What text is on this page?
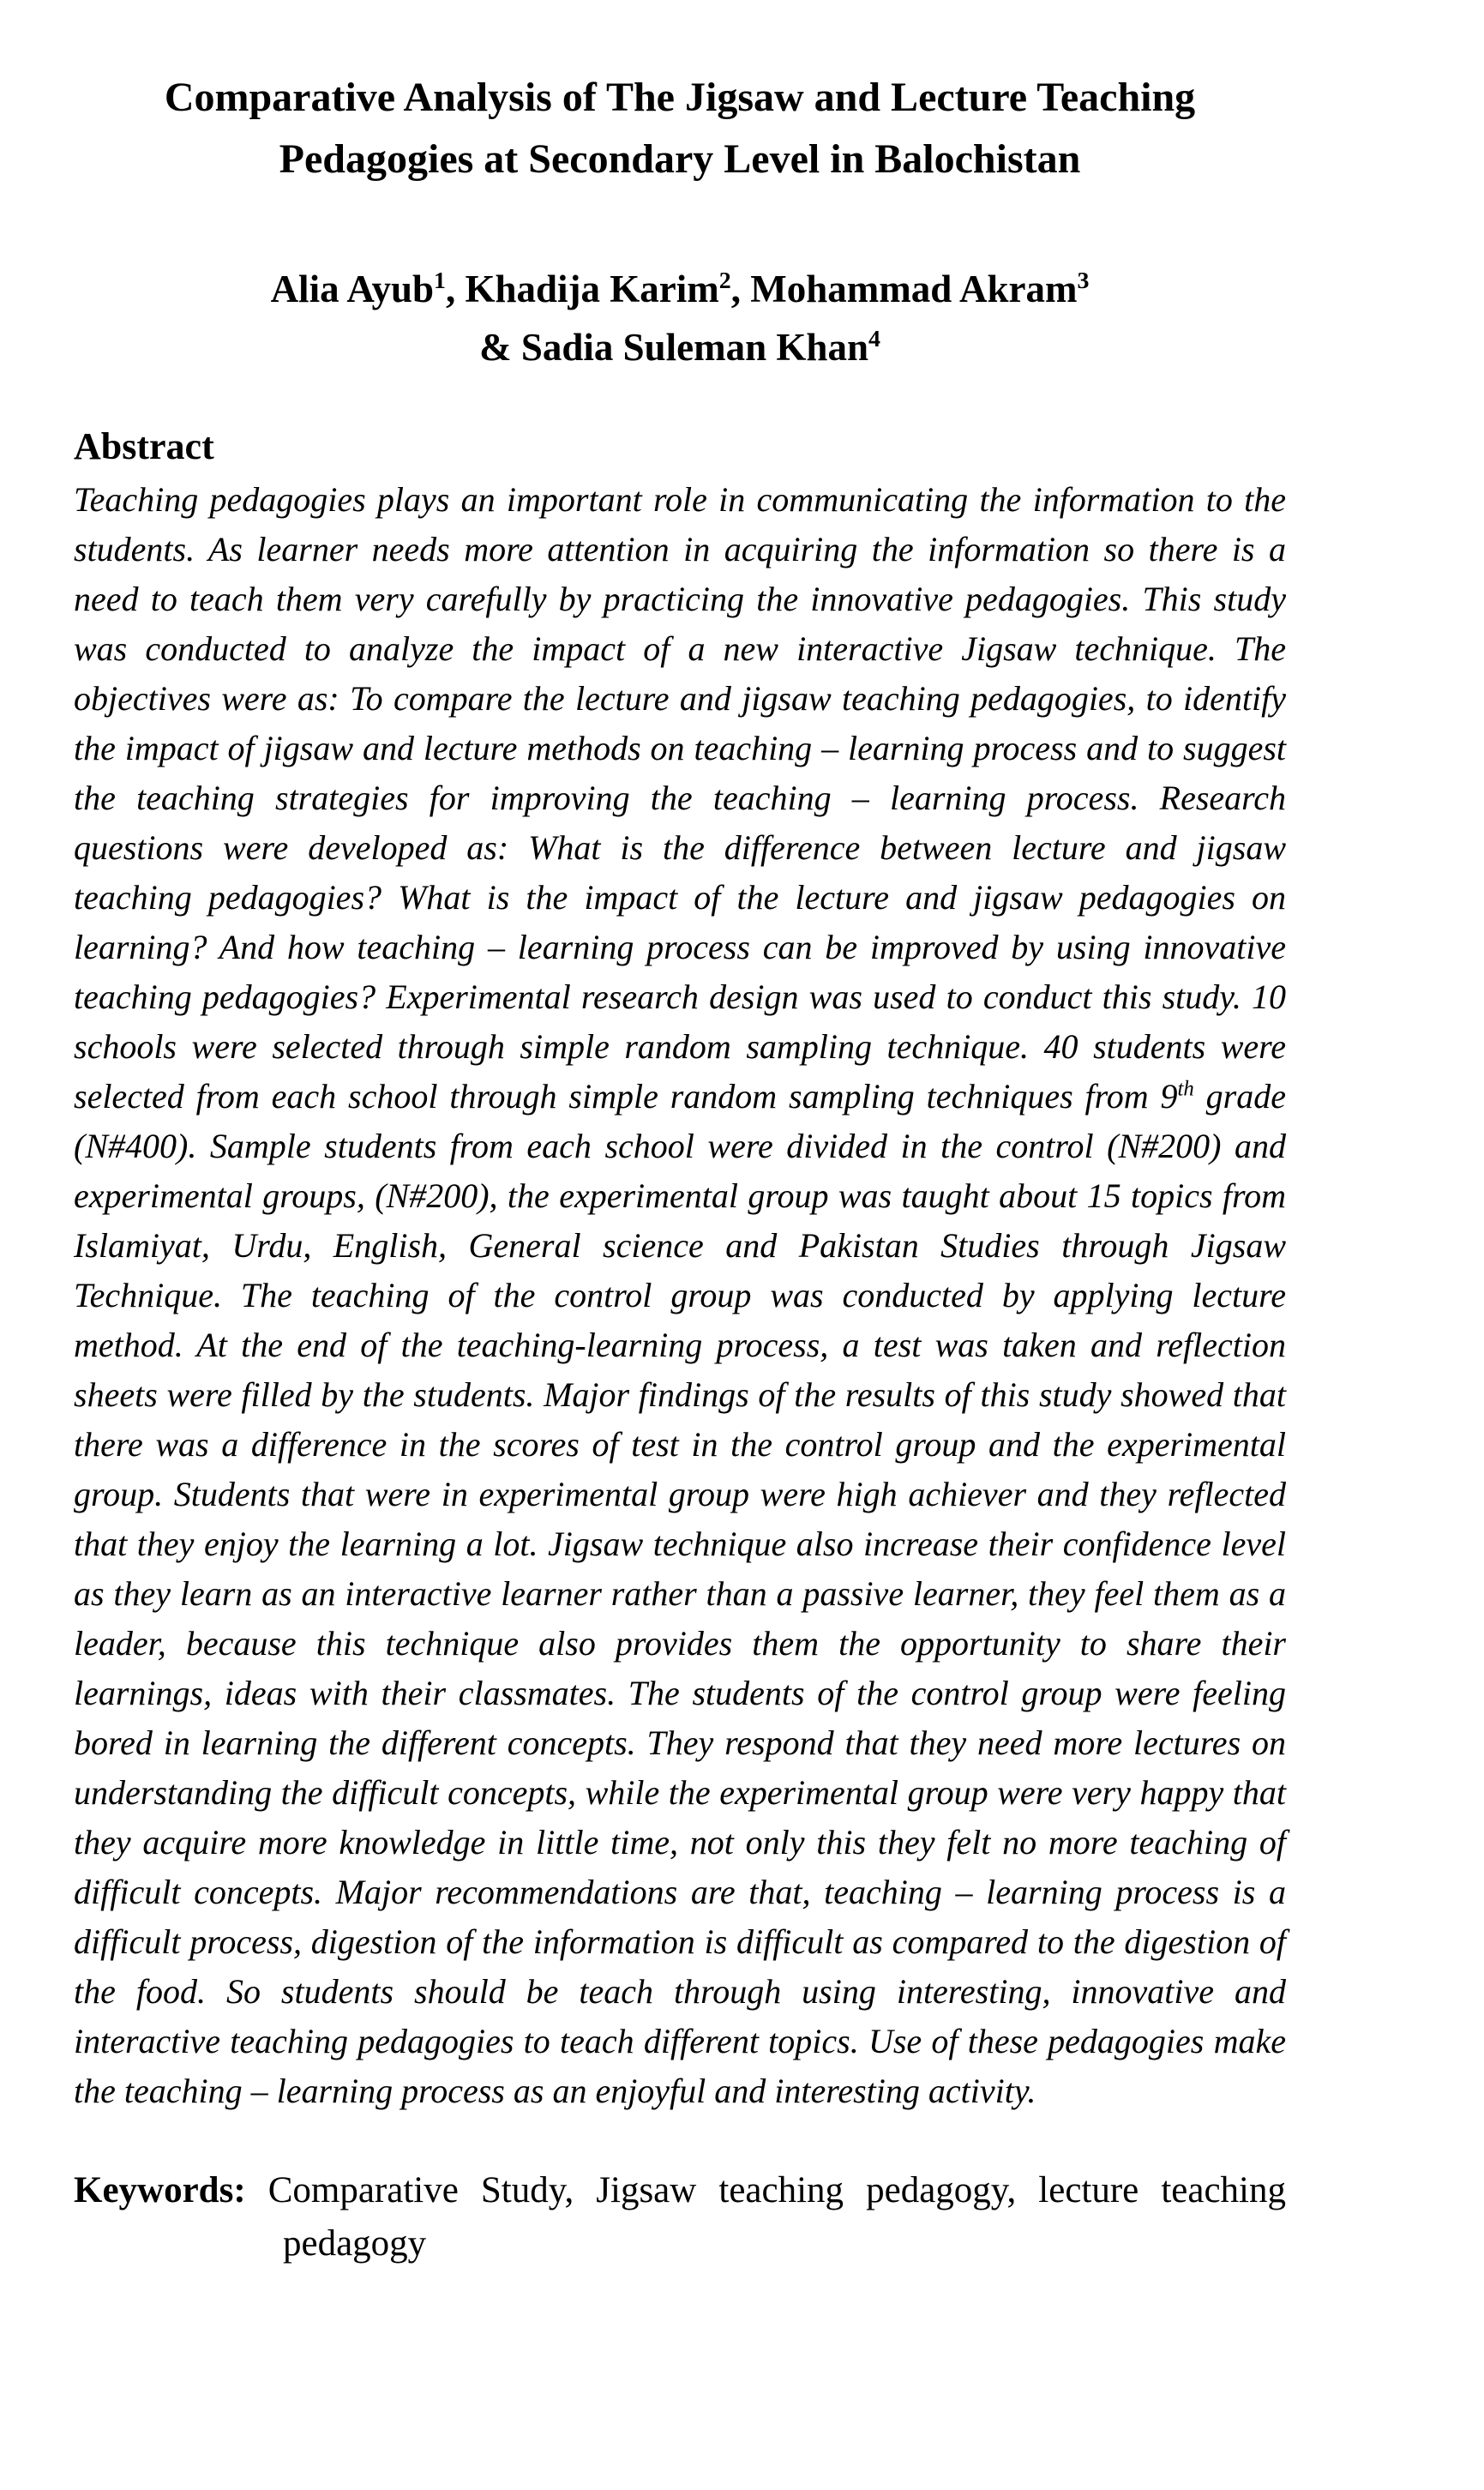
Comparative Analysis of The Jigsaw and Lecture Teaching
Pedagogies at Secondary Level in Balochistan
Alia Ayub$^1$, Khadija Karim$^2$, Mohammad Akram$^3$
& Sadia Suleman Khan$^4$
Abstract

Teaching pedagogies plays an important role in communicating the information to the students. As learner needs more attention in acquiring the information so there is a need to teach them very carefully by practicing the innovative pedagogies. This study was conducted to analyze the impact of a new interactive Jigsaw technique. The objectives were as: To compare the lecture and jigsaw teaching pedagogies, to identify the impact of jigsaw and lecture methods on teaching – learning process and to suggest the teaching strategies for improving the teaching – learning process. Research questions were developed as: What is the difference between lecture and jigsaw teaching pedagogies? What is the impact of the lecture and jigsaw pedagogies on learning? And how teaching – learning process can be improved by using innovative teaching pedagogies? Experimental research design was used to conduct this study. 10 schools were selected through simple random sampling technique. 40 students were selected from each school through simple random sampling techniques from 9th grade (N#400). Sample students from each school were divided in the control (N#200) and experimental groups, (N#200), the experimental group was taught about 15 topics from Islamiyat, Urdu, English, General science and Pakistan Studies through Jigsaw Technique. The teaching of the control group was conducted by applying lecture method. At the end of the teaching-learning process, a test was taken and reflection sheets were filled by the students. Major findings of the results of this study showed that there was a difference in the scores of test in the control group and the experimental group. Students that were in experimental group were high achiever and they reflected that they enjoy the learning a lot. Jigsaw technique also increase their confidence level as they learn as an interactive learner rather than a passive learner, they feel them as a leader, because this technique also provides them the opportunity to share their learnings, ideas with their classmates. The students of the control group were feeling bored in learning the different concepts. They respond that they need more lectures on understanding the difficult concepts, while the experimental group were very happy that they acquire more knowledge in little time, not only this they felt no more teaching of difficult concepts. Major recommendations are that, teaching – learning process is a difficult process, digestion of the information is difficult as compared to the digestion of the food. So students should be teach through using interesting, innovative and interactive teaching pedagogies to teach different topics. Use of these pedagogies make the teaching – learning process as an enjoyful and interesting activity.

Keywords: Comparative Study, Jigsaw teaching pedagogy, lecture teaching pedagogy
